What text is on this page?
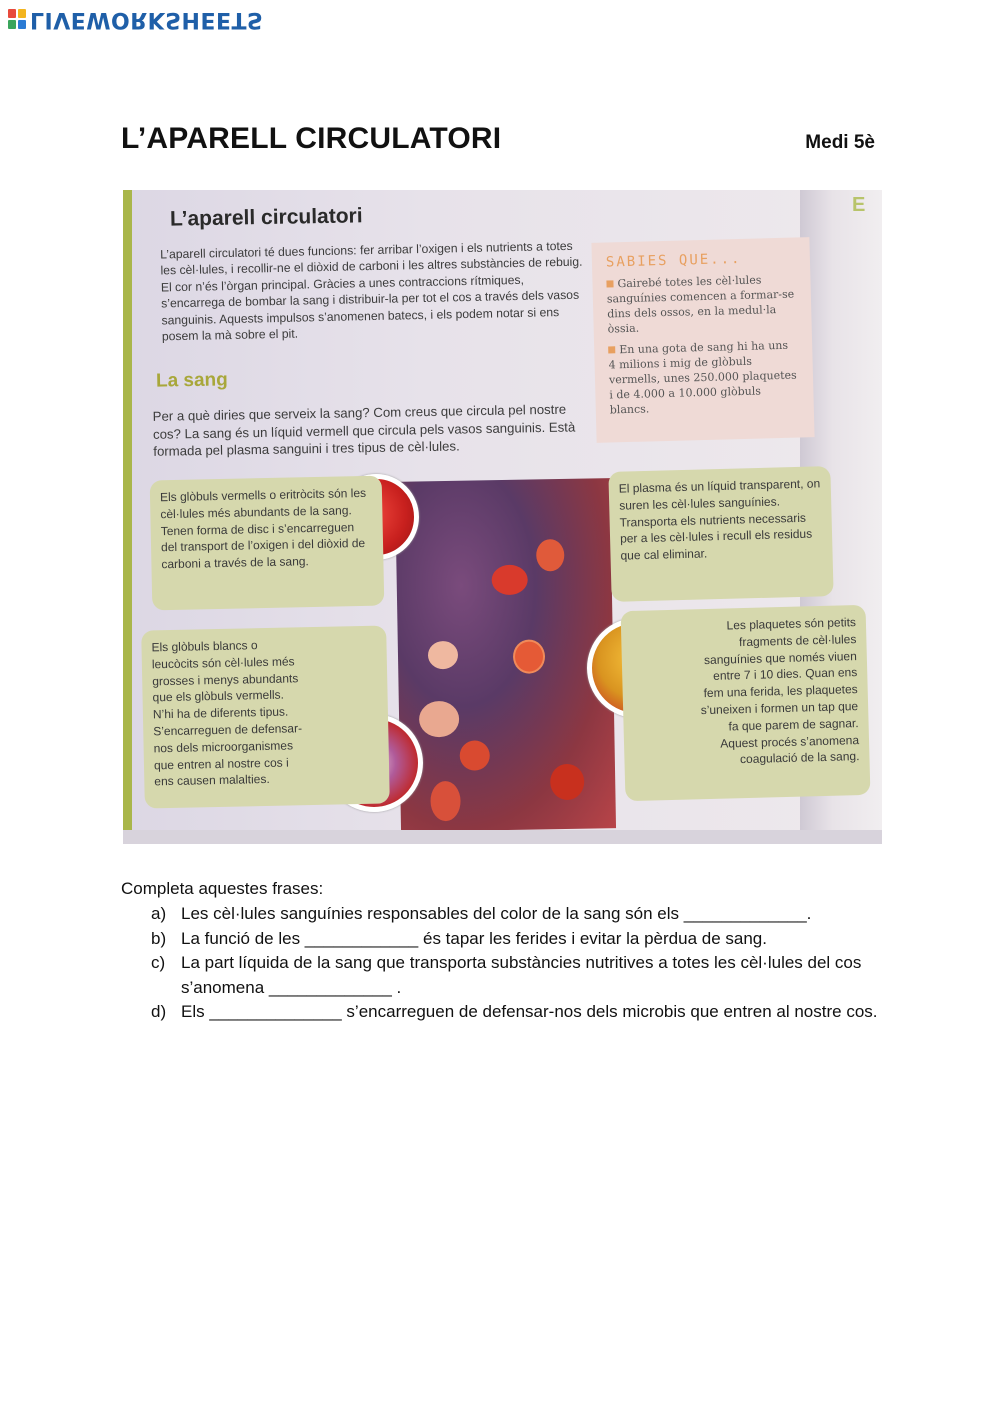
LIVEWORKSHEETS
L’APARELL CIRCULATORI	Medi 5è
E
L’aparell circulatori
L’aparell circulatori té dues funcions: fer arribar l’oxigen i els nutrients a totes les cèl·lules, i recollir-ne el diòxid de carboni i les altres substàncies de rebuig. El cor n’és l’òrgan principal. Gràcies a unes contraccions rítmiques, s’encarrega de bombar la sang i distribuir-la per tot el cos a través dels vasos sanguinis. Aquests impulsos s’anomenen batecs, i els podem notar si ens posem la mà sobre el pit.
La sang
Per a què diries que serveix la sang? Com creus que circula pel nostre cos? La sang és un líquid vermell que circula pels vasos sanguinis. Està formada pel plasma sanguini i tres tipus de cèl·lules.
SABIES QUE...

Gairebé totes les cèl·lules sanguínies comencen a formar-se dins dels ossos, en la medul·la òssia.

En una gota de sang hi ha uns 4 milions i mig de glòbuls vermells, unes 250.000 plaquetes i de 4.000 a 10.000 glòbuls blancs.

Els glòbuls vermells o eritròcits són les cèl·lules més abundants de la sang. Tenen forma de disc i s’encarreguen del transport de l’oxigen i del diòxid de carboni a través de la sang.
Els glòbuls blancs o leucòcits són cèl·lules més grosses i menys abundants que els glòbuls vermells. N’hi ha de diferents tipus. S’encarreguen de defensar-nos dels microorganismes que entren al nostre cos i ens causen malalties.
El plasma és un líquid transparent, on suren les cèl·lules sanguínies. Transporta els nutrients necessaris per a les cèl·lules i recull els residus que cal eliminar.
Les plaquetes són petits fragments de cèl·lules sanguínies que només viuen entre 7 i 10 dies. Quan ens fem una ferida, les plaquetes s’uneixen i formen un tap que fa que parem de sagnar. Aquest procés s’anomena coagulació de la sang.
Completa aquestes frases:
a) Les cèl·lules sanguínies responsables del color de la sang són els _____________.
b) La funció de les ____________ és tapar les ferides i evitar la pèrdua de sang.
c) La part líquida de la sang que transporta substàncies nutritives a totes les cèl·lules del cos s’anomena _____________ .
d) Els ______________ s’encarreguen de defensar-nos dels microbis que entren al nostre cos.
